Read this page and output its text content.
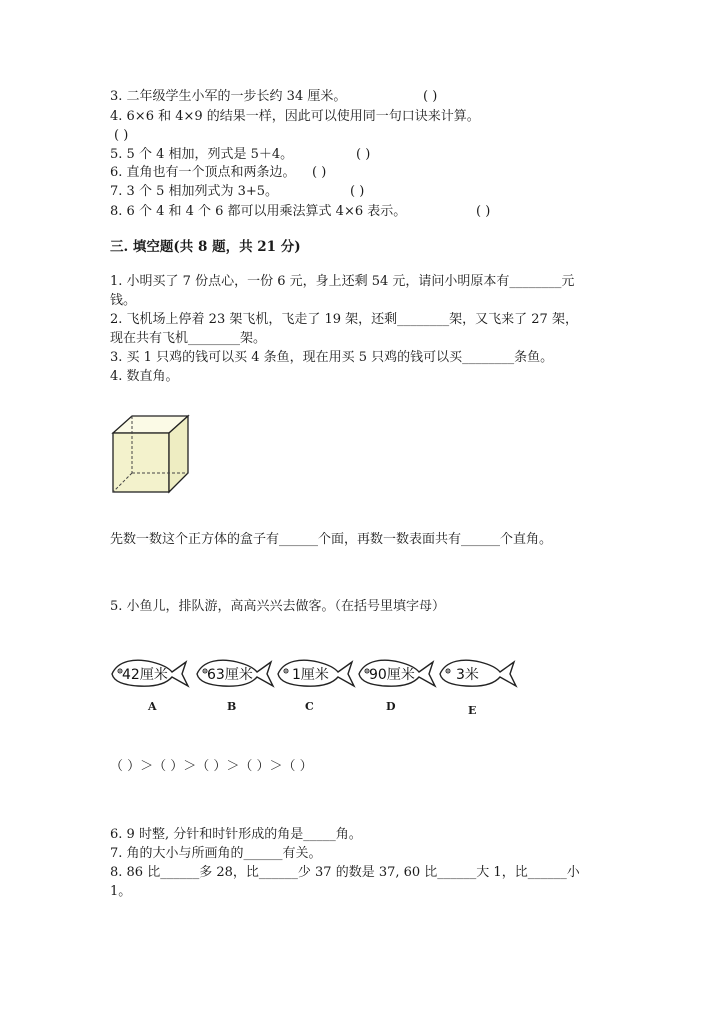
3. 二年级学生小军的一步长约 34 厘米。	( )
4. 6×6 和 4×9 的结果一样，因此可以使用同一句口诀来计算。
( )
5. 5 个 4 相加，列式是 5＋4。	( )
6. 直角也有一个顶点和两条边。 ( )
7. 3 个 5 相加列式为 3+5。	( )
8. 6 个 4 和 4 个 6 都可以用乘法算式 4×6 表示。	( )
三. 填空题(共 8 题，共 21 分)
1. 小明买了 7 份点心，一份 6 元，身上还剩 54 元，请问小明原本有________元
钱。
2. 飞机场上停着 23 架飞机，飞走了 19 架，还剩________架，又飞来了 27 架，
现在共有飞机________架。
3. 买 1 只鸡的钱可以买 4 条鱼，现在用买 5 只鸡的钱可以买________条鱼。
4. 数直角。
先数一数这个正方体的盒子有______个面，再数一数表面共有______个直角。
5. 小鱼儿，排队游，高高兴兴去做客。（在括号里填字母）
42厘米
A
63厘米
B
1厘米
C
90厘米
D
3米
E
（ ）＞（ ）＞（ ）＞（ ）＞（ ）
6. 9 时整, 分针和时针形成的角是_____角。
7. 角的大小与所画角的______有关。
8. 86 比______多 28，比______少 37 的数是 37, 60 比______大 1，比______小
1。
